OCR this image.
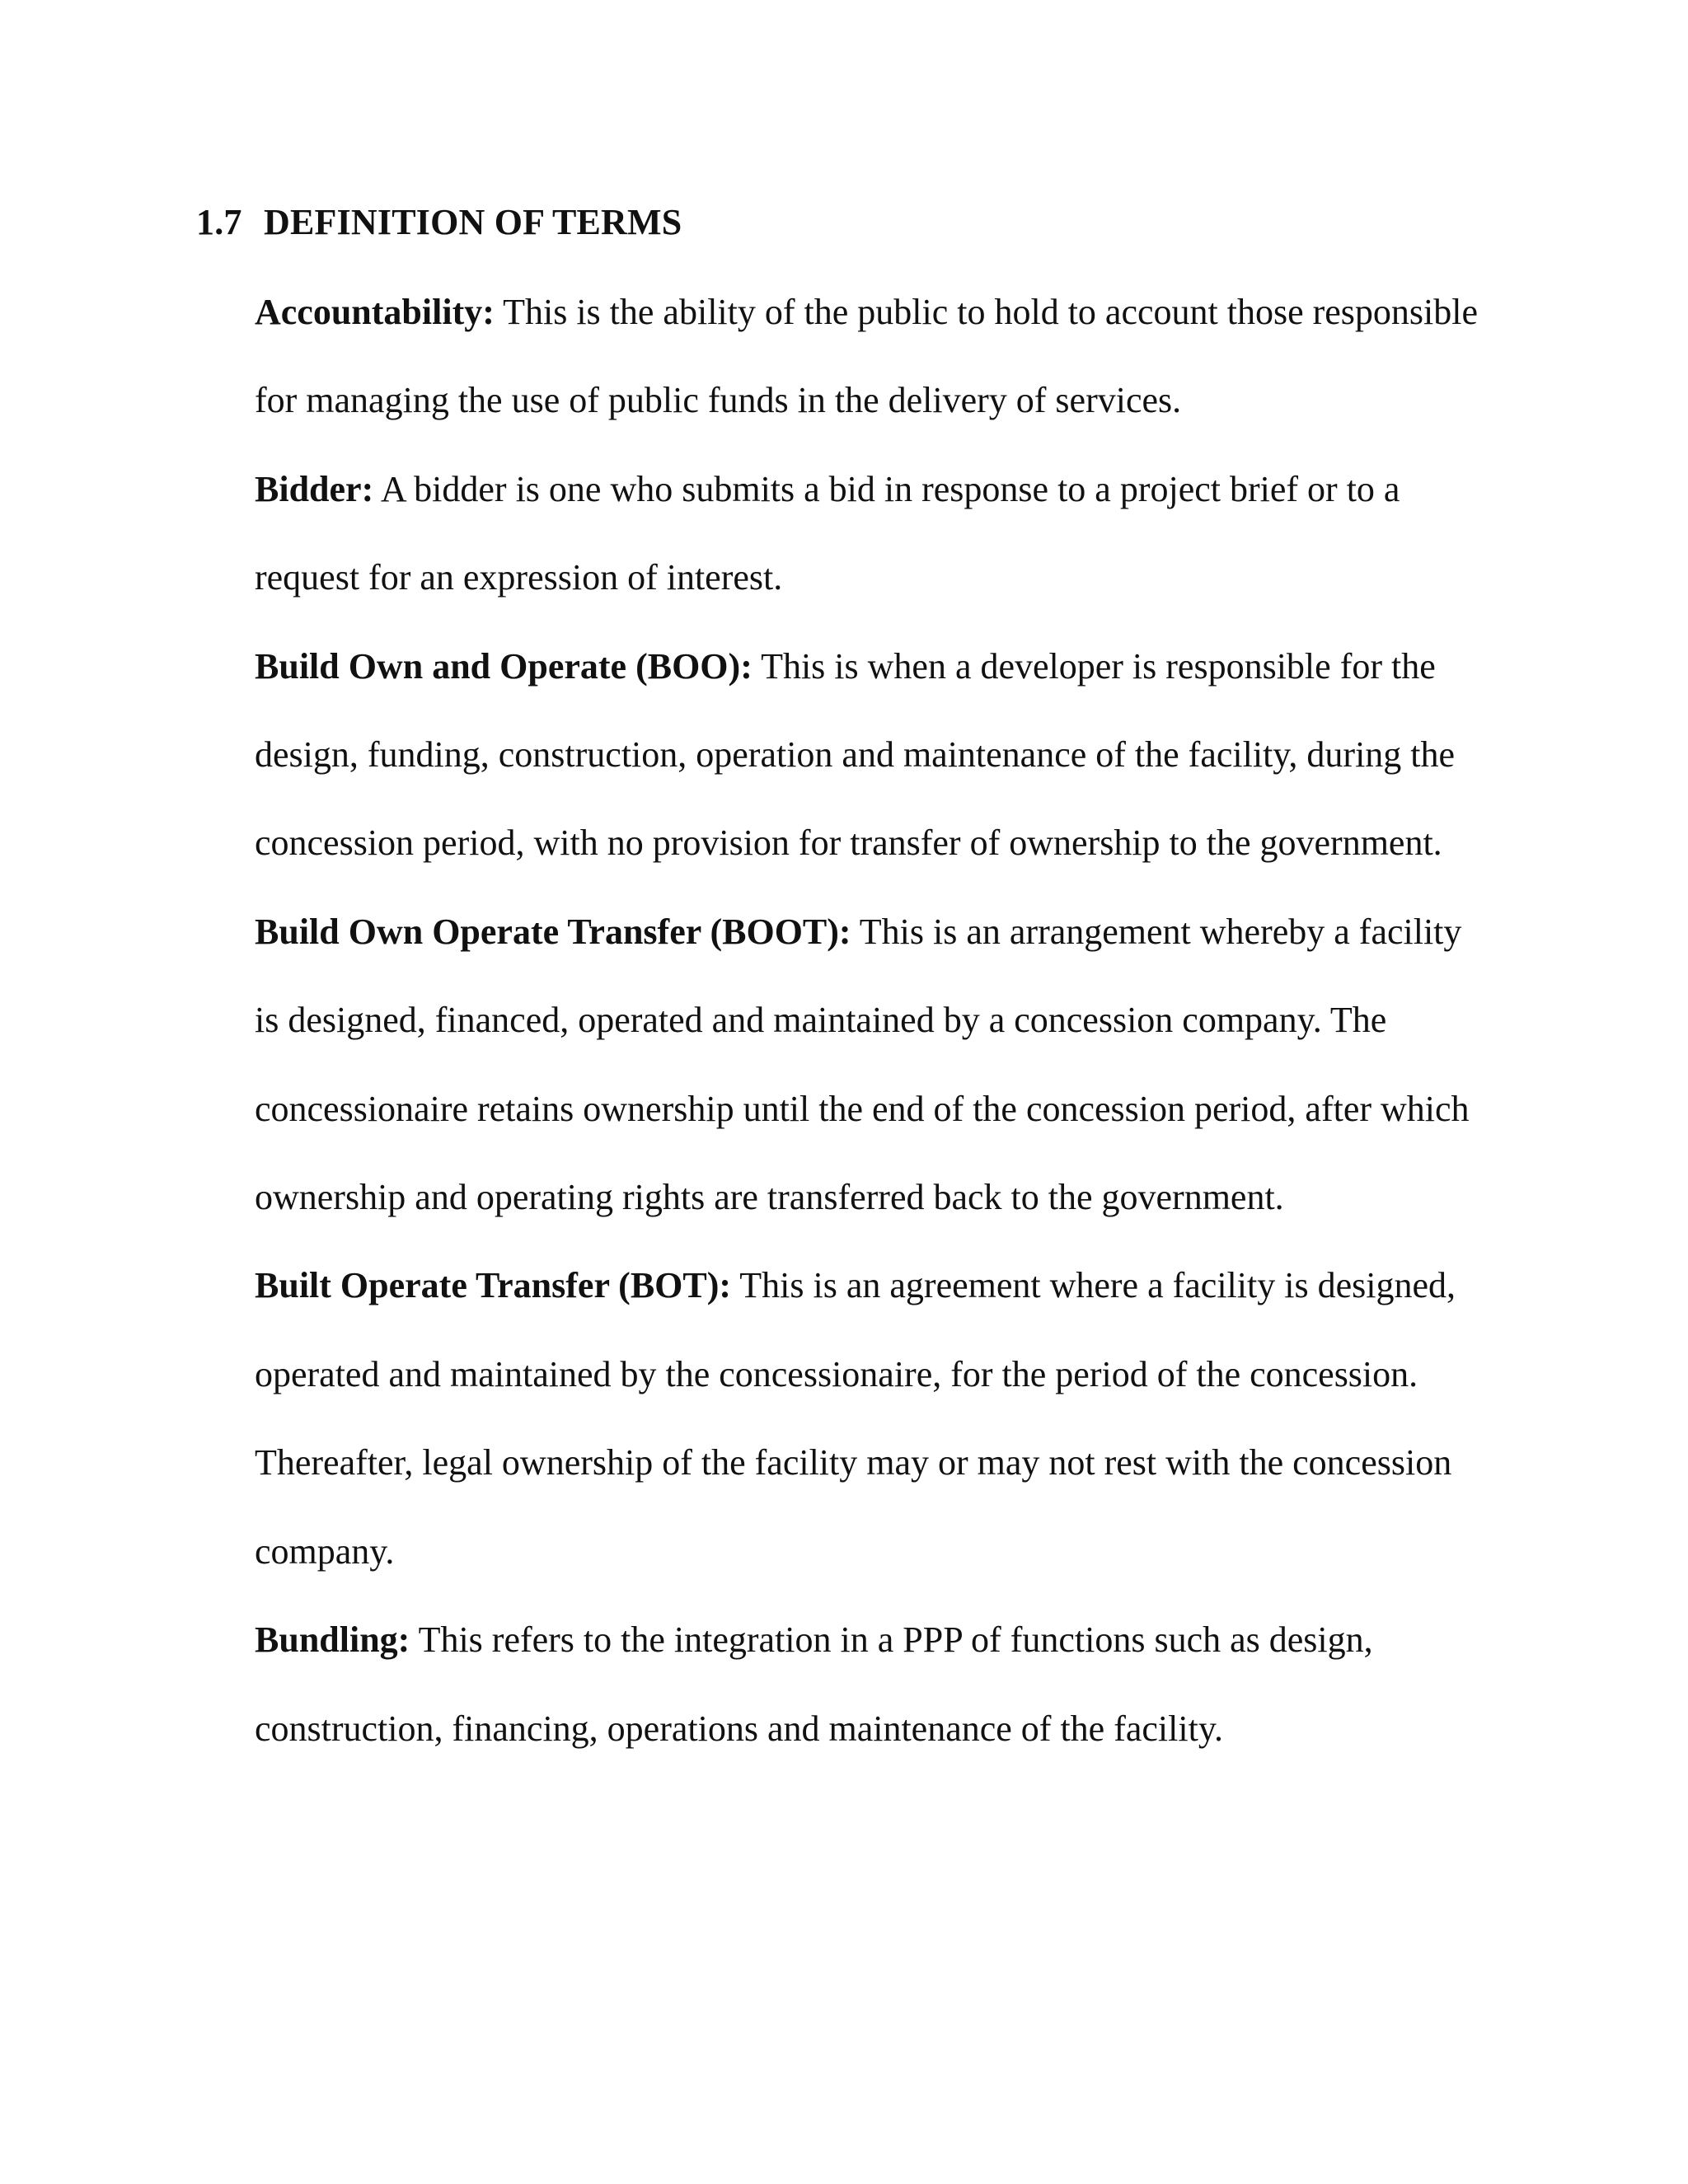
1.7 DEFINITION OF TERMS

Accountability: This is the ability of the public to hold to account those responsible for managing the use of public funds in the delivery of services.

Bidder: A bidder is one who submits a bid in response to a project brief or to a request for an expression of interest.

Build Own and Operate (BOO): This is when a developer is responsible for the design, funding, construction, operation and maintenance of the facility, during the concession period, with no provision for transfer of ownership to the government.

Build Own Operate Transfer (BOOT): This is an arrangement whereby a facility is designed, financed, operated and maintained by a concession company. The concessionaire retains ownership until the end of the concession period, after which ownership and operating rights are transferred back to the government.

Built Operate Transfer (BOT): This is an agreement where a facility is designed, operated and maintained by the concessionaire, for the period of the concession. Thereafter, legal ownership of the facility may or may not rest with the concession company.

Bundling: This refers to the integration in a PPP of functions such as design, construction, financing, operations and maintenance of the facility.
